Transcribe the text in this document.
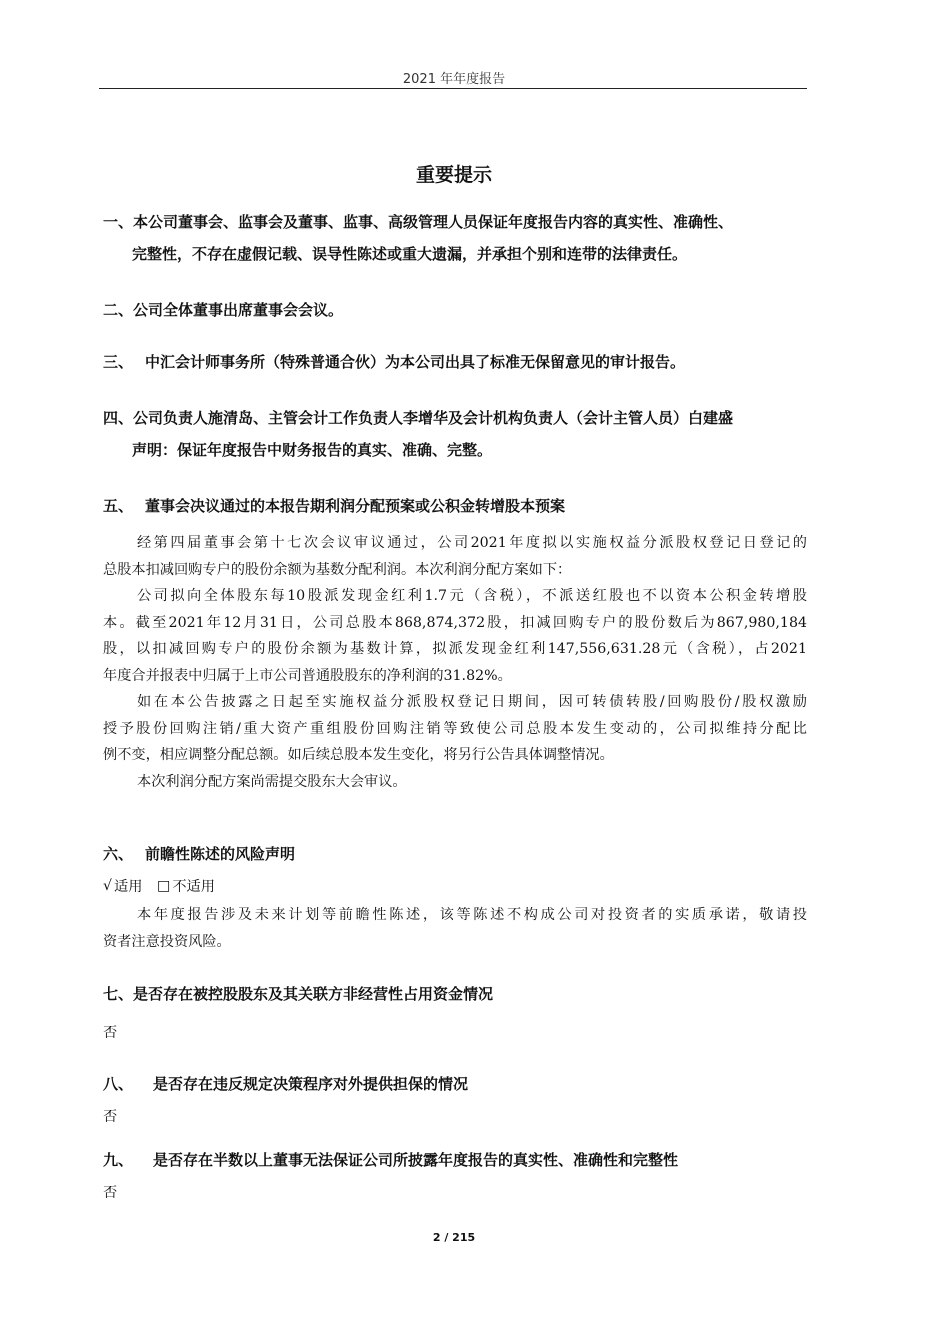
2021 年年度报告
重要提示
一、本公司董事会、监事会及董事、监事、高级管理人员保证年度报告内容的真实性、准确性、
完整性，不存在虚假记载、误导性陈述或重大遗漏，并承担个别和连带的法律责任。
二、公司全体董事出席董事会会议。
三、 中汇会计师事务所（特殊普通合伙）为本公司出具了标准无保留意见的审计报告。
四、公司负责人施清岛、主管会计工作负责人李增华及会计机构负责人（会计主管人员）白建盛
声明：保证年度报告中财务报告的真实、准确、完整。
五、 董事会决议通过的本报告期利润分配预案或公积金转增股本预案
经第四届董事会第十七次会议审议通过，公司2021年度拟以实施权益分派股权登记日登记的
总股本扣减回购专户的股份余额为基数分配利润。本次利润分配方案如下：
公司拟向全体股东每10股派发现金红利1.7元（含税），不派送红股也不以资本公积金转增股
本。截至2021年12月31日，公司总股本868,874,372股，扣减回购专户的股份数后为867,980,184
股，以扣减回购专户的股份余额为基数计算，拟派发现金红利147,556,631.28元（含税），占2021
年度合并报表中归属于上市公司普通股股东的净利润的31.82%。
如在本公告披露之日起至实施权益分派股权登记日期间，因可转债转股/回购股份/股权激励
授予股份回购注销/重大资产重组股份回购注销等致使公司总股本发生变动的，公司拟维持分配比
例不变，相应调整分配总额。如后续总股本发生变化，将另行公告具体调整情况。
本次利润分配方案尚需提交股东大会审议。
六、 前瞻性陈述的风险声明
√ 适用
□ 不适用
本年度报告涉及未来计划等前瞻性陈述，该等陈述不构成公司对投资者的实质承诺，敬请投
资者注意投资风险。
七、是否存在被控股股东及其关联方非经营性占用资金情况
否
八、 是否存在违反规定决策程序对外提供担保的情况
否
九、 是否存在半数以上董事无法保证公司所披露年度报告的真实性、准确性和完整性
否
2 / 215
